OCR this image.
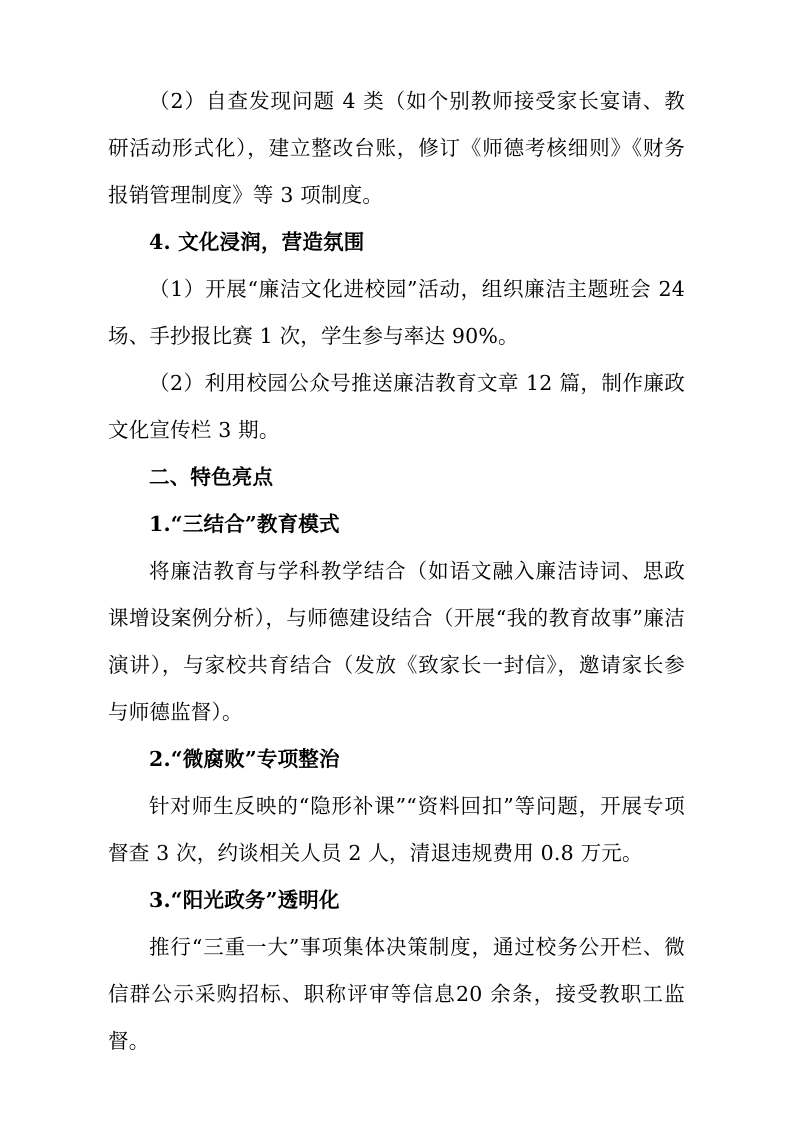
（2）自查发现问题 4 类（如个别教师接受家长宴请、教研活动形式化），建立整改台账，修订《师德考核细则》《财务报销管理制度》等 3 项制度。

4. 文化浸润，营造氛围

（1）开展“廉洁文化进校园”活动，组织廉洁主题班会 24 场、手抄报比赛 1 次，学生参与率达 90%。

（2）利用校园公众号推送廉洁教育文章 12 篇，制作廉政文化宣传栏 3 期。

二、特色亮点

1.“三结合”教育模式

将廉洁教育与学科教学结合（如语文融入廉洁诗词、思政课增设案例分析），与师德建设结合（开展“我的教育故事”廉洁演讲），与家校共育结合（发放《致家长一封信》，邀请家长参与师德监督）。

2.“微腐败”专项整治

针对师生反映的“隐形补课”“资料回扣”等问题，开展专项督查 3 次，约谈相关人员 2 人，清退违规费用 0.8 万元。

3.“阳光政务”透明化

推行“三重一大”事项集体决策制度，通过校务公开栏、微信群公示采购招标、职称评审等信息20 余条，接受教职工监督。
